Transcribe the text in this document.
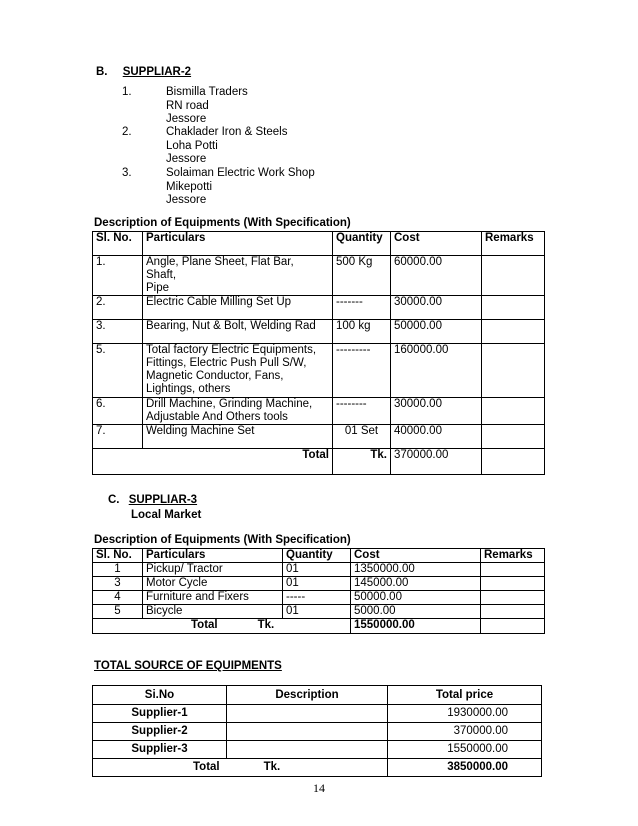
B. SUPPLIAR-2
1.	Bismilla Traders
RN road
Jessore
2.	Chaklader Iron & Steels
Loha Potti
Jessore
3.	Solaiman Electric Work Shop
Mikepotti
Jessore
Description of Equipments (With Specification)
Sl. No.	Particulars	Quantity	Cost	Remarks
1.	Angle, Plane Sheet, Flat Bar,
Shaft,
Pipe	500 Kg	60000.00	
2.	Electric Cable Milling Set Up	-------	30000.00	
3.	Bearing, Nut & Bolt, Welding Rad	100 kg	50000.00	
5.	Total factory Electric Equipments,
Fittings, Electric Push Pull S/W,
Magnetic Conductor, Fans,
Lightings, others	---------	160000.00	
6.	Drill Machine, Grinding Machine,
Adjustable And Others tools	--------	30000.00	
7.	Welding Machine Set	01 Set	40000.00	
	Total	Tk.	370000.00	
C. SUPPLIAR-3
Local Market
Description of Equipments (With Specification)
Sl. No.	Particulars	Quantity	Cost	Remarks
1	Pickup/ Tractor	01	1350000.00	
3	Motor Cycle	01	145000.00	
4	Furniture and Fixers	-----	50000.00	
5	Bicycle	01	5000.00	
Total Tk.			1550000.00	
TOTAL SOURCE OF EQUIPMENTS
Si.No	Description	Total price
Supplier-1		1930000.00
Supplier-2		370000.00
Supplier-3		1550000.00
Total Tk.		3850000.00
14
